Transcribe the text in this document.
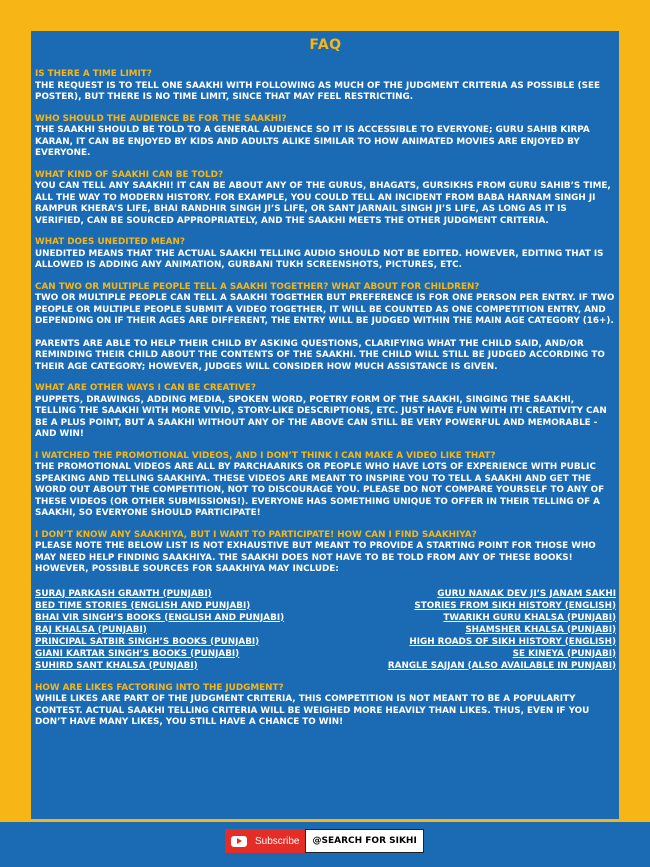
FAQ
IS THERE A TIME LIMIT?

THE REQUEST IS TO TELL ONE SAAKHI WITH FOLLOWING AS MUCH OF THE JUDGMENT CRITERIA AS POSSIBLE (SEE POSTER), BUT THERE IS NO TIME LIMIT, SINCE THAT MAY FEEL RESTRICTING.

WHO SHOULD THE AUDIENCE BE FOR THE SAAKHI?

THE SAAKHI SHOULD BE TOLD TO A GENERAL AUDIENCE SO IT IS ACCESSIBLE TO EVERYONE; GURU SAHIB KIRPA KARAN, IT CAN BE ENJOYED BY KIDS AND ADULTS ALIKE SIMILAR TO HOW ANIMATED MOVIES ARE ENJOYED BY EVERYONE.

WHAT KIND OF SAAKHI CAN BE TOLD?

YOU CAN TELL ANY SAAKHI! IT CAN BE ABOUT ANY OF THE GURUS, BHAGATS, GURSIKHS FROM GURU SAHIB’S TIME, ALL THE WAY TO MODERN HISTORY. FOR EXAMPLE, YOU COULD TELL AN INCIDENT FROM BABA HARNAM SINGH JI RAMPUR KHERA’S LIFE, BHAI RANDHIR SINGH JI’S LIFE, OR SANT JARNAIL SINGH JI’S LIFE, AS LONG AS IT IS VERIFIED, CAN BE SOURCED APPROPRIATELY, AND THE SAAKHI MEETS THE OTHER JUDGMENT CRITERIA.

WHAT DOES UNEDITED MEAN?

UNEDITED MEANS THAT THE ACTUAL SAAKHI TELLING AUDIO SHOULD NOT BE EDITED. HOWEVER, EDITING THAT IS ALLOWED IS ADDING ANY ANIMATION, GURBANI TUKH SCREENSHOTS, PICTURES, ETC.

CAN TWO OR MULTIPLE PEOPLE TELL A SAAKHI TOGETHER? WHAT ABOUT FOR CHILDREN?

TWO OR MULTIPLE PEOPLE CAN TELL A SAAKHI TOGETHER BUT PREFERENCE IS FOR ONE PERSON PER ENTRY. IF TWO PEOPLE OR MULTIPLE PEOPLE SUBMIT A VIDEO TOGETHER, IT WILL BE COUNTED AS ONE COMPETITION ENTRY, AND DEPENDING ON IF THEIR AGES ARE DIFFERENT, THE ENTRY WILL BE JUDGED WITHIN THE MAIN AGE CATEGORY (16+).

PARENTS ARE ABLE TO HELP THEIR CHILD BY ASKING QUESTIONS, CLARIFYING WHAT THE CHILD SAID, AND/OR REMINDING THEIR CHILD ABOUT THE CONTENTS OF THE SAAKHI. THE CHILD WILL STILL BE JUDGED ACCORDING TO THEIR AGE CATEGORY; HOWEVER, JUDGES WILL CONSIDER HOW MUCH ASSISTANCE IS GIVEN.

WHAT ARE OTHER WAYS I CAN BE CREATIVE?

PUPPETS, DRAWINGS, ADDING MEDIA, SPOKEN WORD, POETRY FORM OF THE SAAKHI, SINGING THE SAAKHI, TELLING THE SAAKHI WITH MORE VIVID, STORY-LIKE DESCRIPTIONS, ETC. JUST HAVE FUN WITH IT! CREATIVITY CAN BE A PLUS POINT, BUT A SAAKHI WITHOUT ANY OF THE ABOVE CAN STILL BE VERY POWERFUL AND MEMORABLE - AND WIN!

I WATCHED THE PROMOTIONAL VIDEOS, AND I DON’T THINK I CAN MAKE A VIDEO LIKE THAT?

THE PROMOTIONAL VIDEOS ARE ALL BY PARCHAARIKS OR PEOPLE WHO HAVE LOTS OF EXPERIENCE WITH PUBLIC SPEAKING AND TELLING SAAKHIYA. THESE VIDEOS ARE MEANT TO INSPIRE YOU TO TELL A SAAKHI AND GET THE WORD OUT ABOUT THE COMPETITION, NOT TO DISCOURAGE YOU. PLEASE DO NOT COMPARE YOURSELF TO ANY OF THESE VIDEOS (OR OTHER SUBMISSIONS!). EVERYONE HAS SOMETHING UNIQUE TO OFFER IN THEIR TELLING OF A SAAKHI, SO EVERYONE SHOULD PARTICIPATE!

I DON’T KNOW ANY SAAKHIYA, BUT I WANT TO PARTICIPATE! HOW CAN I FIND SAAKHIYA?

PLEASE NOTE THE BELOW LIST IS NOT EXHAUSTIVE BUT MEANT TO PROVIDE A STARTING POINT FOR THOSE WHO MAY NEED HELP FINDING SAAKHIYA. THE SAAKHI DOES NOT HAVE TO BE TOLD FROM ANY OF THESE BOOKS! HOWEVER, POSSIBLE SOURCES FOR SAAKHIYA MAY INCLUDE:

SURAJ PARKASH GRANTH (PUNJABI)
BED TIME STORIES (ENGLISH AND PUNJABI)
BHAI VIR SINGH’S BOOKS (ENGLISH AND PUNJABI)
RAJ KHALSA (PUNJABI)
PRINCIPAL SATBIR SINGH’S BOOKS (PUNJABI)
GIANI KARTAR SINGH’S BOOKS (PUNJABI)
SUHIRD SANT KHALSA (PUNJABI)
GURU NANAK DEV JI’S JANAM SAKHI
STORIES FROM SIKH HISTORY (ENGLISH)
TWARIKH GURU KHALSA (PUNJABI)
SHAMSHER KHALSA (PUNJABI)
HIGH ROADS OF SIKH HISTORY (ENGLISH)
SE KINEYA (PUNJABI)
RANGLE SAJJAN (ALSO AVAILABLE IN PUNJABI)
HOW ARE LIKES FACTORING INTO THE JUDGMENT?

WHILE LIKES ARE PART OF THE JUDGMENT CRITERIA, THIS COMPETITION IS NOT MEANT TO BE A POPULARITY CONTEST. ACTUAL SAAKHI TELLING CRITERIA WILL BE WEIGHED MORE HEAVILY THAN LIKES. THUS, EVEN IF YOU DON’T HAVE MANY LIKES, YOU STILL HAVE A CHANCE TO WIN!

Subscribe	@SEARCH FOR SIKHI
